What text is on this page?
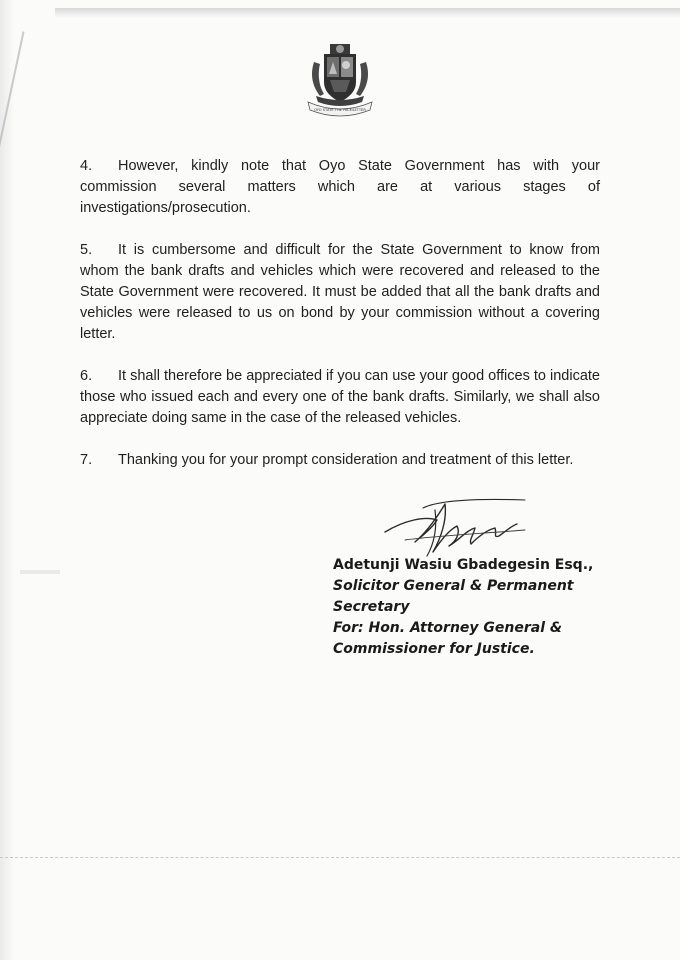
OYO STATE THE PACESETTER

4. However, kindly note that Oyo State Government has with your commission several matters which are at various stages of investigations/prosecution.

5. It is cumbersome and difficult for the State Government to know from whom the bank drafts and vehicles which were recovered and released to the State Government were recovered. It must be added that all the bank drafts and vehicles were released to us on bond by your commission without a covering letter.

6. It shall therefore be appreciated if you can use your good offices to indicate those who issued each and every one of the bank drafts. Similarly, we shall also appreciate doing same in the case of the released vehicles.

7. Thanking you for your prompt consideration and treatment of this letter.

Adetunji Wasiu Gbadegesin Esq.,
Solicitor General & Permanent
Secretary
For: Hon. Attorney General &
Commissioner for Justice.
